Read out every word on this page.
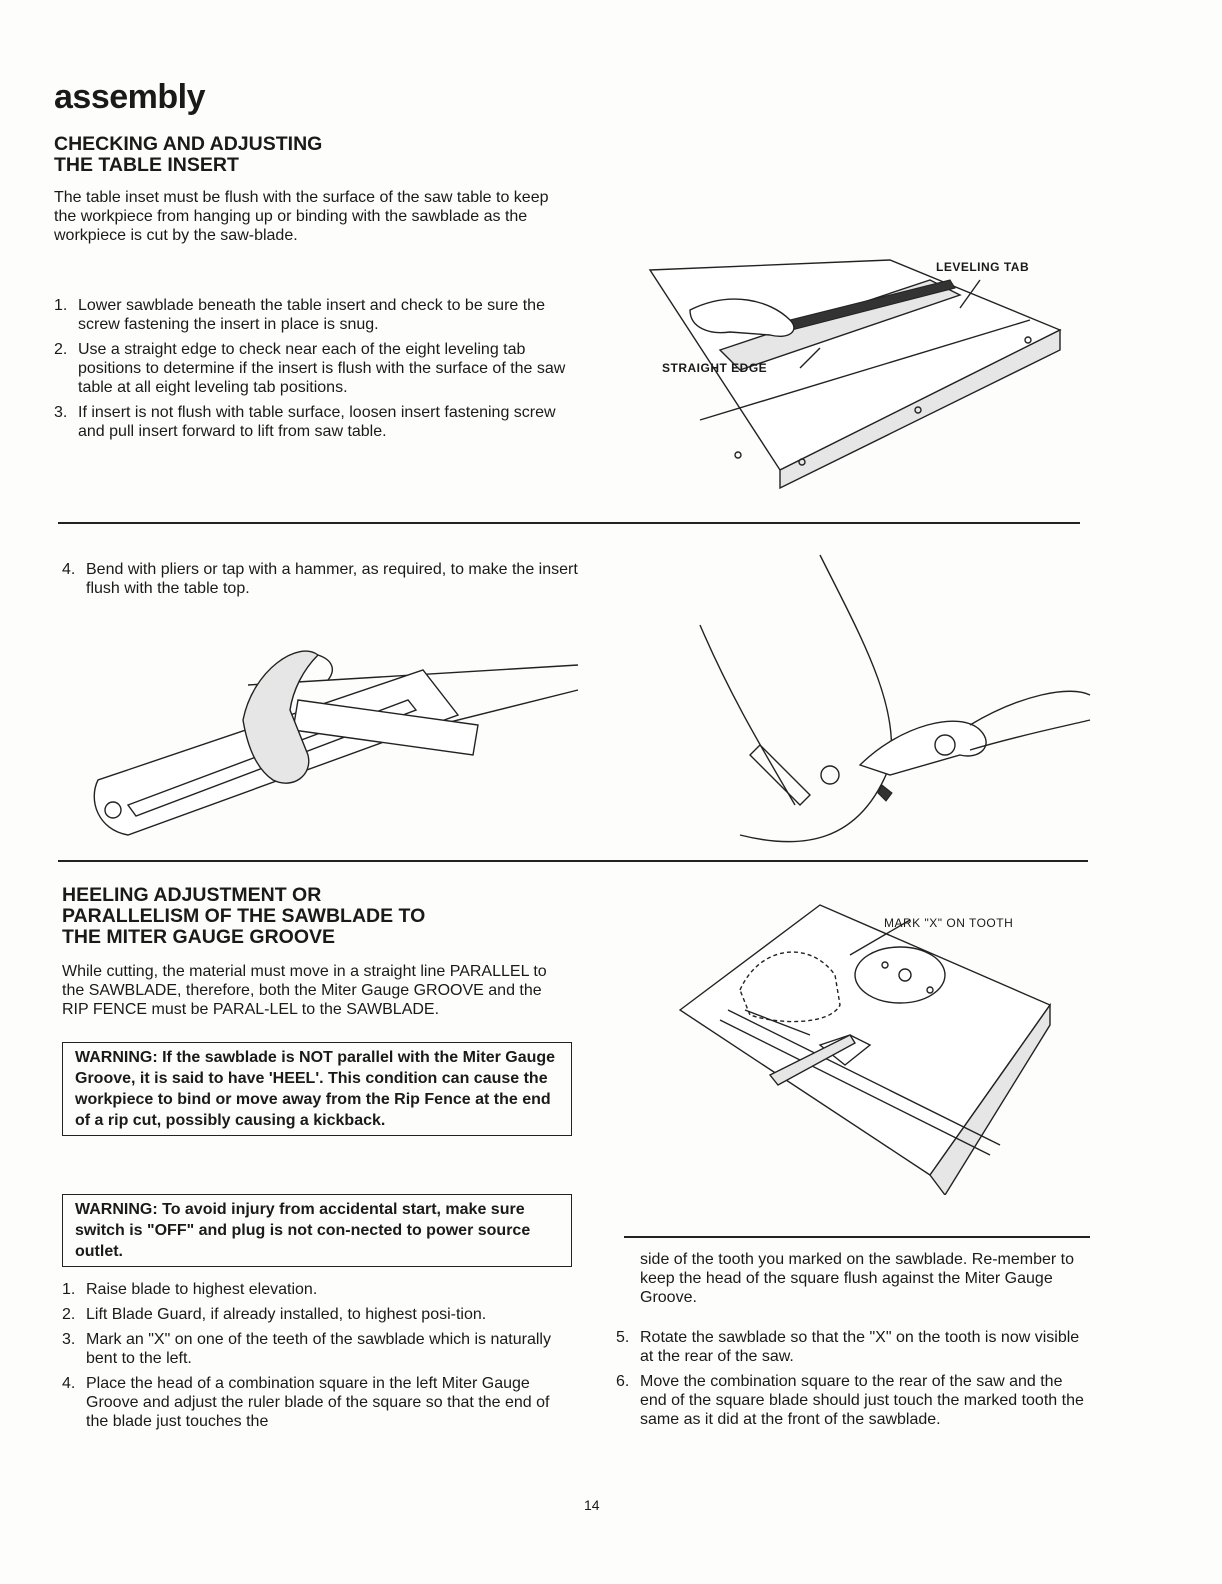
assembly
CHECKING AND ADJUSTING
THE TABLE INSERT
The table inset must be flush with the surface of the saw table to keep the workpiece from hanging up or binding with the sawblade as the workpiece is cut by the saw-blade.
1. Lower sawblade beneath the table insert and check to be sure the screw fastening the insert in place is snug.
2. Use a straight edge to check near each of the eight leveling tab positions to determine if the insert is flush with the surface of the saw table at all eight leveling tab positions.
3. If insert is not flush with table surface, loosen insert fastening screw and pull insert forward to lift from saw table.
LEVELING TAB
STRAIGHT EDGE
4. Bend with pliers or tap with a hammer, as required, to make the insert flush with the table top.
HEELING ADJUSTMENT OR
PARALLELISM OF THE SAWBLADE TO
THE MITER GAUGE GROOVE
While cutting, the material must move in a straight line PARALLEL to the SAWBLADE, therefore, both the Miter Gauge GROOVE and the RIP FENCE must be PARAL-LEL to the SAWBLADE.
WARNING: If the sawblade is NOT parallel with the Miter Gauge Groove, it is said to have 'HEEL'. This condition can cause the workpiece to bind or move away from the Rip Fence at the end of a rip cut, possibly causing a kickback.
WARNING: To avoid injury from accidental start, make sure switch is "OFF" and plug is not con-nected to power source outlet.
1. Raise blade to highest elevation.
2. Lift Blade Guard, if already installed, to highest posi-tion.
3. Mark an "X" on one of the teeth of the sawblade which is naturally bent to the left.
4. Place the head of a combination square in the left Miter Gauge Groove and adjust the ruler blade of the square so that the end of the blade just touches the
MARK "X" ON TOOTH
side of the tooth you marked on the sawblade. Re-member to keep the head of the square flush against the Miter Gauge Groove.
5. Rotate the sawblade so that the "X" on the tooth is now visible at the rear of the saw.
6. Move the combination square to the rear of the saw and the end of the square blade should just touch the marked tooth the same as it did at the front of the sawblade.
14
